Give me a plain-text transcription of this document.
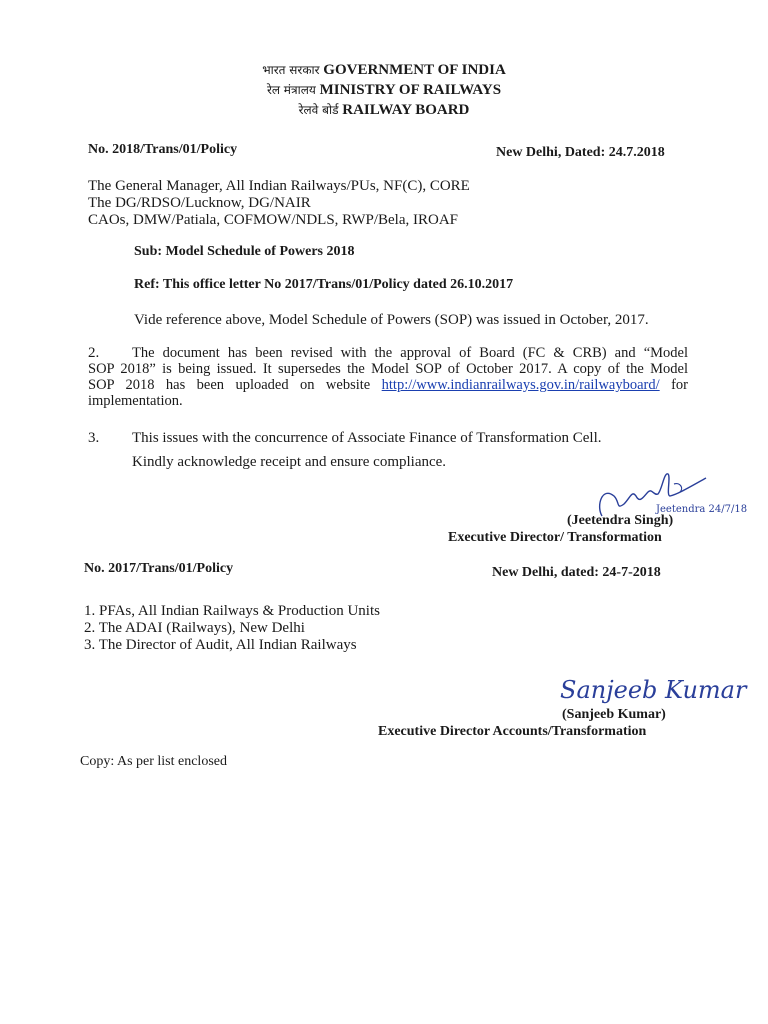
भारत सरकार GOVERNMENT OF INDIA
रेल मंत्रालय MINISTRY OF RAILWAYS
रेलवे बोर्ड RAILWAY BOARD
No. 2018/Trans/01/Policy	New Delhi, Dated: 24.7.2018
The General Manager, All Indian Railways/PUs, NF(C), CORE
The DG/RDSO/Lucknow, DG/NAIR
CAOs, DMW/Patiala, COFMOW/NDLS, RWP/Bela, IROAF
Sub: Model Schedule of Powers 2018
Ref: This office letter No 2017/Trans/01/Policy dated 26.10.2017
Vide reference above, Model Schedule of Powers (SOP) was issued in October, 2017.
2.	The document has been revised with the approval of Board (FC & CRB) and “Model
SOP 2018” is being issued. It supersedes the Model SOP of October 2017. A copy of the Model
SOP 2018 has been uploaded on website http://www.indianrailways.gov.in/railwayboard/ for
implementation.
3. This issues with the concurrence of Associate Finance of Transformation Cell.
Kindly acknowledge receipt and ensure compliance.
Jeetendra 24/7/18
(Jeetendra Singh)
Executive Director/ Transformation
No. 2017/Trans/01/Policy	New Delhi, dated: 24-7-2018
1. PFAs, All Indian Railways & Production Units
2. The ADAI (Railways), New Delhi
3. The Director of Audit, All Indian Railways
Sanjeeb Kumar
(Sanjeeb Kumar)
Executive Director Accounts/Transformation
Copy: As per list enclosed
